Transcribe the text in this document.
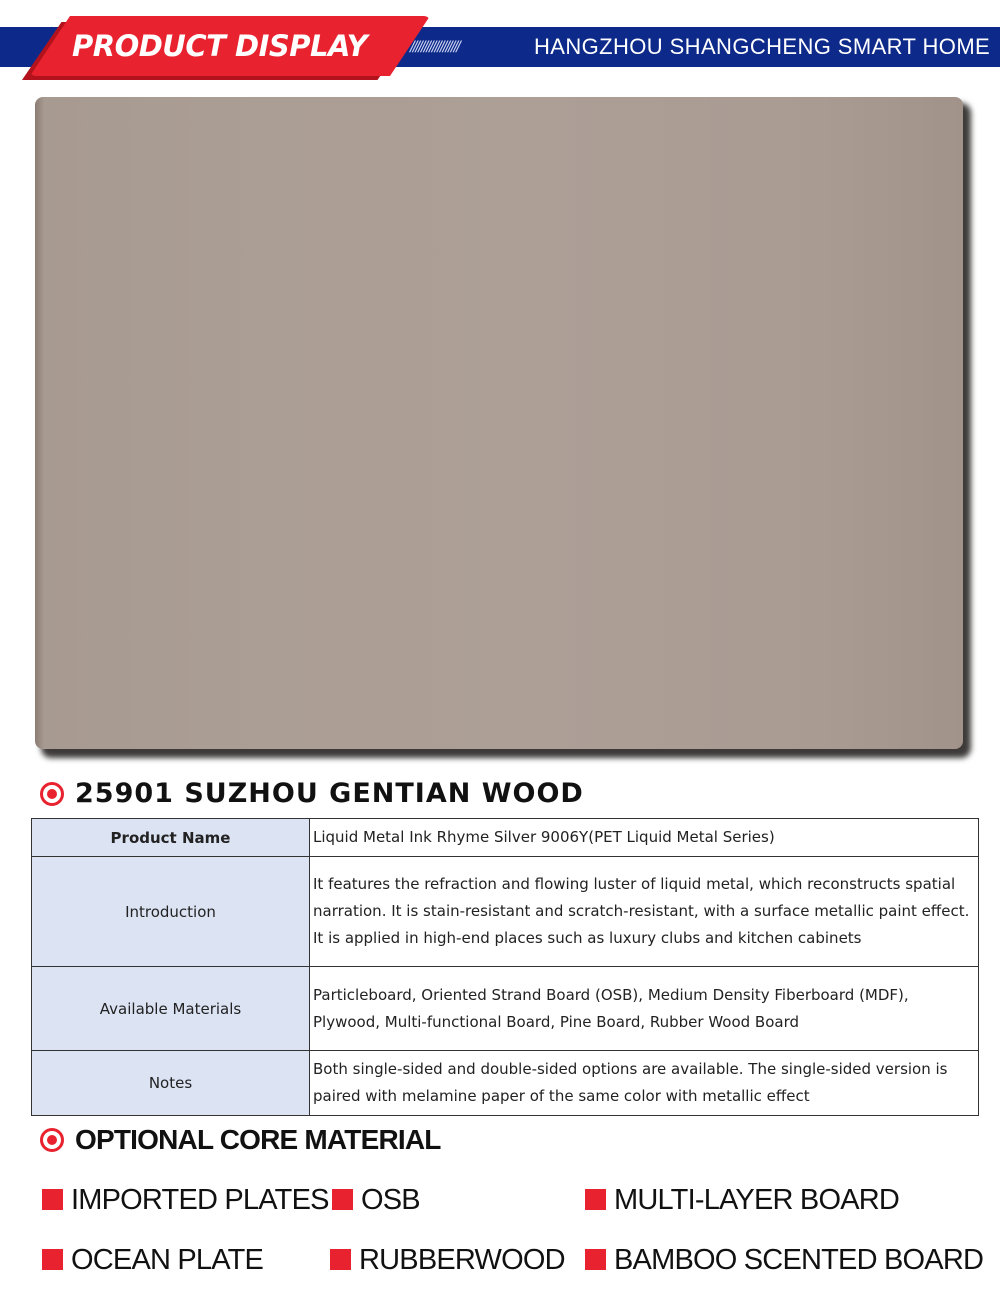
PRODUCT DISPLAY	//////////////////	HANGZHOU SHANGCHENG SMART HOME
25901 SUZHOU GENTIAN WOOD
Product Name	Liquid Metal Ink Rhyme Silver 9006Y(PET Liquid Metal Series)
Introduction	It features the refraction and flowing luster of liquid metal, which reconstructs spatial narration. It is stain-resistant and scratch-resistant, with a surface metallic paint effect. It is applied in high-end places such as luxury clubs and kitchen cabinets
Available Materials	Particleboard, Oriented Strand Board (OSB), Medium Density Fiberboard (MDF), Plywood, Multi-functional Board, Pine Board, Rubber Wood Board
Notes	Both single-sided and double-sided options are available. The single-sided version is paired with melamine paper of the same color with metallic effect
OPTIONAL CORE MATERIAL
IMPORTED PLATES OSB	MULTI-LAYER BOARD
OCEAN PLATE	RUBBERWOOD BAMBOO SCENTED BOARD
